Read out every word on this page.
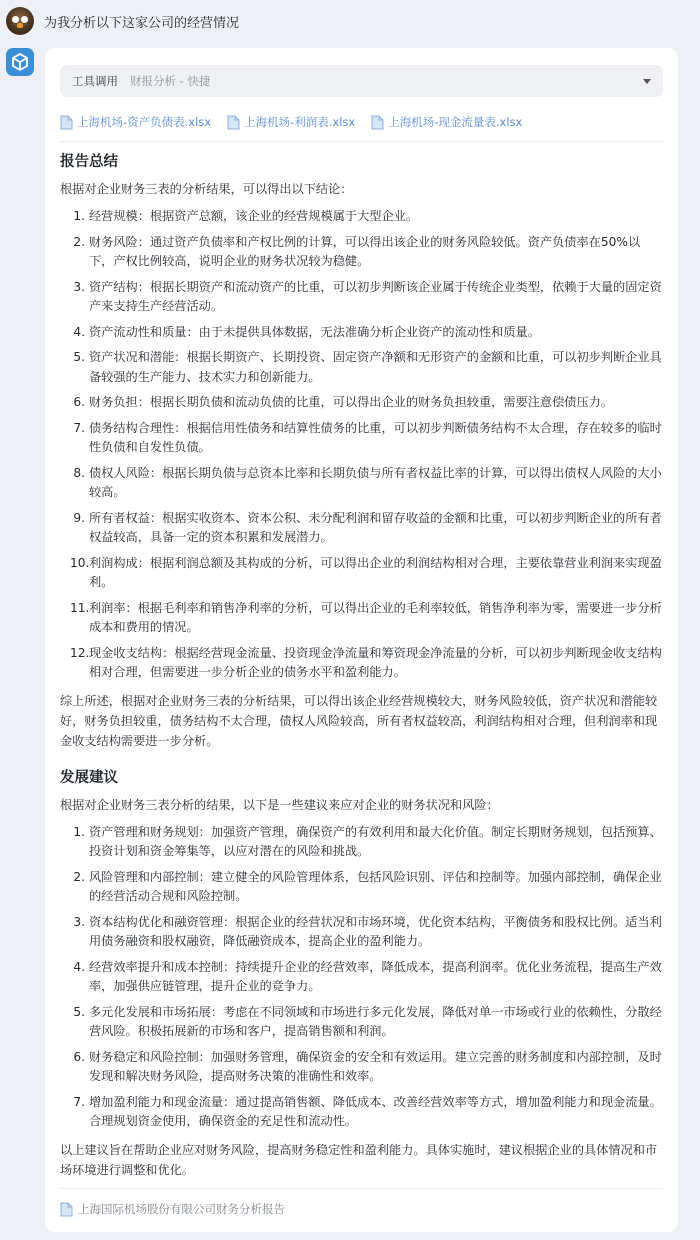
为我分析以下这家公司的经营情况
工具调用 财报分析 - 快捷
上海机场-资产负债表.xlsx	上海机场-利润表.xlsx	上海机场-现金流量表.xlsx
报告总结

根据对企业财务三表的分析结果，可以得出以下结论：

1. 经营规模：根据资产总额，该企业的经营规模属于大型企业。
2. 财务风险：通过资产负债率和产权比例的计算，可以得出该企业的财务风险较低。资产负债率在50%以下，产权比例较高，说明企业的财务状况较为稳健。
3. 资产结构：根据长期资产和流动资产的比重，可以初步判断该企业属于传统企业类型，依赖于大量的固定资产来支持生产经营活动。
4. 资产流动性和质量：由于未提供具体数据，无法准确分析企业资产的流动性和质量。
5. 资产状况和潜能：根据长期资产、长期投资、固定资产净额和无形资产的金额和比重，可以初步判断企业具备较强的生产能力、技术实力和创新能力。
6. 财务负担：根据长期负债和流动负债的比重，可以得出企业的财务负担较重，需要注意偿债压力。
7. 债务结构合理性：根据信用性债务和结算性债务的比重，可以初步判断债务结构不太合理，存在较多的临时性负债和自发性负债。
8. 债权人风险：根据长期负债与总资本比率和长期负债与所有者权益比率的计算，可以得出债权人风险的大小较高。
9. 所有者权益：根据实收资本、资本公积、未分配利润和留存收益的金额和比重，可以初步判断企业的所有者权益较高，具备一定的资本积累和发展潜力。
10. 利润构成：根据利润总额及其构成的分析，可以得出企业的利润结构相对合理，主要依靠营业利润来实现盈利。
11. 利润率：根据毛利率和销售净利率的分析，可以得出企业的毛利率较低，销售净利率为零，需要进一步分析成本和费用的情况。
12. 现金收支结构：根据经营现金流量、投资现金净流量和筹资现金净流量的分析，可以初步判断现金收支结构相对合理，但需要进一步分析企业的债务水平和盈利能力。

综上所述，根据对企业财务三表的分析结果，可以得出该企业经营规模较大，财务风险较低，资产状况和潜能较好，财务负担较重，债务结构不太合理，债权人风险较高，所有者权益较高，利润结构相对合理，但利润率和现金收支结构需要进一步分析。

发展建议

根据对企业财务三表分析的结果，以下是一些建议来应对企业的财务状况和风险：

1. 资产管理和财务规划：加强资产管理，确保资产的有效利用和最大化价值。制定长期财务规划，包括预算、投资计划和资金筹集等，以应对潜在的风险和挑战。
2. 风险管理和内部控制：建立健全的风险管理体系，包括风险识别、评估和控制等。加强内部控制，确保企业的经营活动合规和风险控制。
3. 资本结构优化和融资管理：根据企业的经营状况和市场环境，优化资本结构，平衡债务和股权比例。适当利用债务融资和股权融资，降低融资成本，提高企业的盈利能力。
4. 经营效率提升和成本控制：持续提升企业的经营效率，降低成本，提高利润率。优化业务流程，提高生产效率，加强供应链管理，提升企业的竞争力。
5. 多元化发展和市场拓展：考虑在不同领域和市场进行多元化发展，降低对单一市场或行业的依赖性，分散经营风险。积极拓展新的市场和客户，提高销售额和利润。
6. 财务稳定和风险控制：加强财务管理，确保资金的安全和有效运用。建立完善的财务制度和内部控制，及时发现和解决财务风险，提高财务决策的准确性和效率。
7. 增加盈利能力和现金流量：通过提高销售额、降低成本、改善经营效率等方式，增加盈利能力和现金流量。合理规划资金使用，确保资金的充足性和流动性。

以上建议旨在帮助企业应对财务风险，提高财务稳定性和盈利能力。具体实施时，建议根据企业的具体情况和市场环境进行调整和优化。

上海国际机场股份有限公司财务分析报告
